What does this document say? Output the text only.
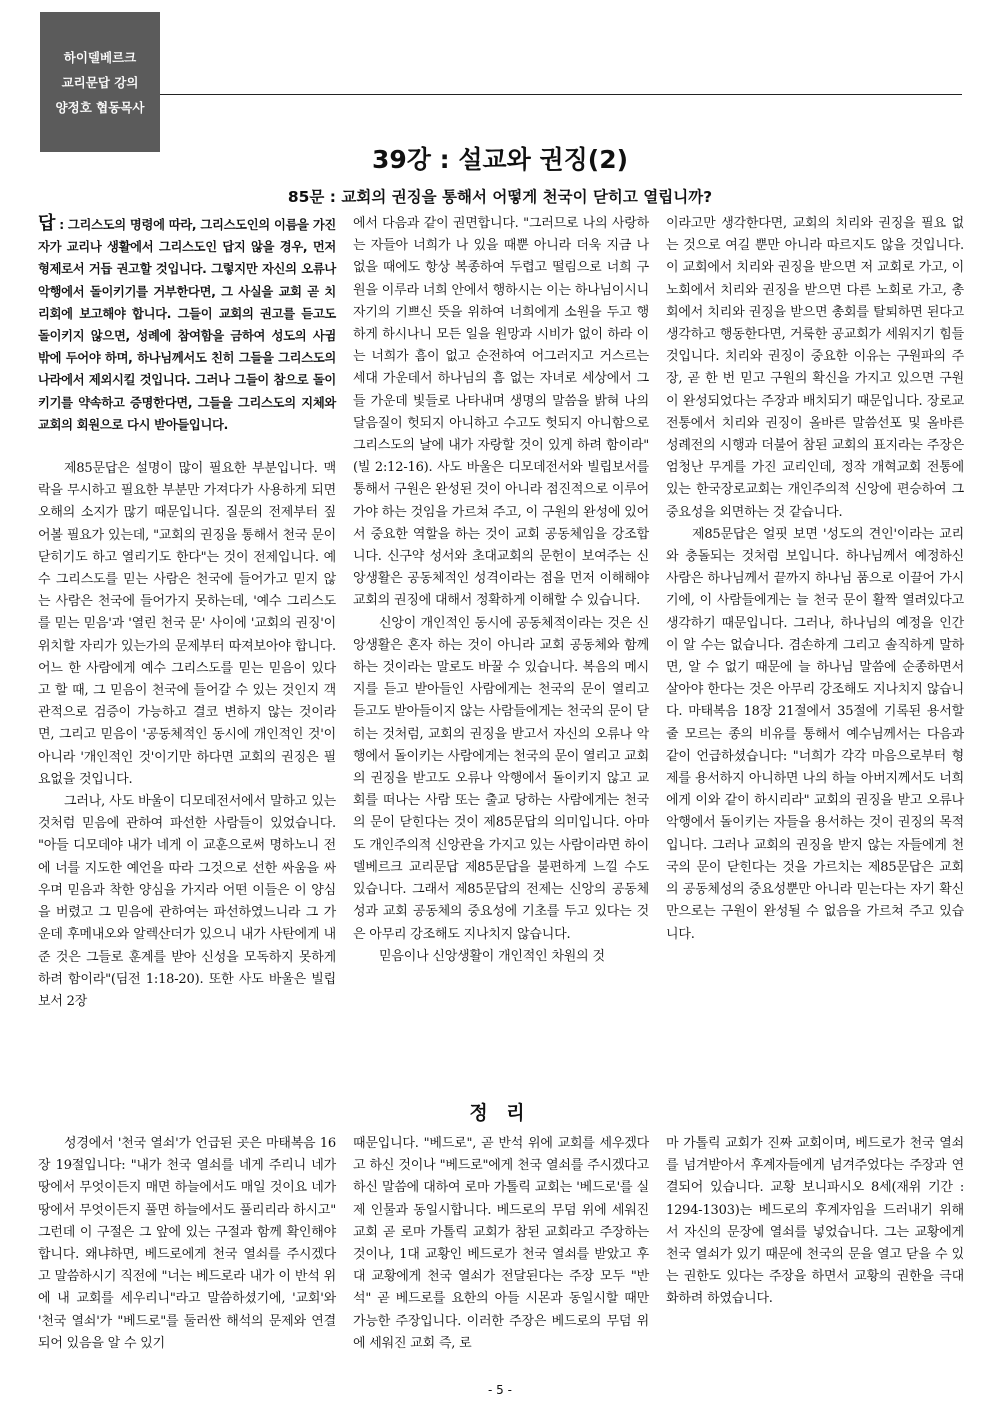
하이델베르크
교리문답 강의
양정호 협동목사
39강 : 설교와 권징(2)
85문 : 교회의 권징을 통해서 어떻게 천국이 닫히고 열립니까?

답 : 그리스도의 명령에 따라, 그리스도인의 이름을 가진 자가 교리나 생활에서 그리스도인 답지 않을 경우, 먼저 형제로서 거듭 권고할 것입니다. 그렇지만 자신의 오류나 악행에서 돌이키기를 거부한다면, 그 사실을 교회 곧 치리회에 보고해야 합니다. 그들이 교회의 권고를 듣고도 돌이키지 않으면, 성례에 참여함을 금하여 성도의 사귐 밖에 두어야 하며, 하나님께서도 친히 그들을 그리스도의 나라에서 제외시킬 것입니다. 그러나 그들이 참으로 돌이키기를 약속하고 증명한다면, 그들을 그리스도의 지체와 교회의 회원으로 다시 받아들입니다.

제85문답은 설명이 많이 필요한 부분입니다. 맥락을 무시하고 필요한 부분만 가져다가 사용하게 되면 오해의 소지가 많기 때문입니다. 질문의 전제부터 짚어볼 필요가 있는데, "교회의 권징을 통해서 천국 문이 닫히기도 하고 열리기도 한다"는 것이 전제입니다. 예수 그리스도를 믿는 사람은 천국에 들어가고 믿지 않는 사람은 천국에 들어가지 못하는데, '예수 그리스도를 믿는 믿음'과 '열린 천국 문' 사이에 '교회의 권징'이 위치할 자리가 있는가의 문제부터 따져보아야 합니다. 어느 한 사람에게 예수 그리스도를 믿는 믿음이 있다고 할 때, 그 믿음이 천국에 들어갈 수 있는 것인지 객관적으로 검증이 가능하고 결코 변하지 않는 것이라면, 그리고 믿음이 '공동체적인 동시에 개인적인 것'이 아니라 '개인적인 것'이기만 하다면 교회의 권징은 필요없을 것입니다.

그러나, 사도 바울이 디모데전서에서 말하고 있는 것처럼 믿음에 관하여 파선한 사람들이 있었습니다. "아들 디모데야 내가 네게 이 교훈으로써 명하노니 전에 너를 지도한 예언을 따라 그것으로 선한 싸움을 싸우며 믿음과 착한 양심을 가지라 어떤 이들은 이 양심을 버렸고 그 믿음에 관하여는 파선하였느니라 그 가운데 후메내오와 알렉산더가 있으니 내가 사탄에게 내준 것은 그들로 훈계를 받아 신성을 모독하지 못하게 하려 함이라"(딤전 1:18-20). 또한 사도 바울은 빌립보서 2장

에서 다음과 같이 권면합니다. "그러므로 나의 사랑하는 자들아 너희가 나 있을 때뿐 아니라 더욱 지금 나 없을 때에도 항상 복종하여 두렵고 떨림으로 너희 구원을 이루라 너희 안에서 행하시는 이는 하나님이시니 자기의 기쁘신 뜻을 위하여 너희에게 소원을 두고 행하게 하시나니 모든 일을 원망과 시비가 없이 하라 이는 너희가 흠이 없고 순전하여 어그러지고 거스르는 세대 가운데서 하나님의 흠 없는 자녀로 세상에서 그들 가운데 빛들로 나타내며 생명의 말씀을 밝혀 나의 달음질이 헛되지 아니하고 수고도 헛되지 아니함으로 그리스도의 날에 내가 자랑할 것이 있게 하려 함이라"(빌 2:12-16). 사도 바울은 디모데전서와 빌립보서를 통해서 구원은 완성된 것이 아니라 점진적으로 이루어가야 하는 것임을 가르쳐 주고, 이 구원의 완성에 있어서 중요한 역할을 하는 것이 교회 공동체임을 강조합니다. 신구약 성서와 초대교회의 문헌이 보여주는 신앙생활은 공동체적인 성격이라는 점을 먼저 이해해야 교회의 권징에 대해서 정확하게 이해할 수 있습니다.

신앙이 개인적인 동시에 공동체적이라는 것은 신앙생활은 혼자 하는 것이 아니라 교회 공동체와 함께하는 것이라는 말로도 바꿀 수 있습니다. 복음의 메시지를 듣고 받아들인 사람에게는 천국의 문이 열리고 듣고도 받아들이지 않는 사람들에게는 천국의 문이 닫히는 것처럼, 교회의 권징을 받고서 자신의 오류나 악행에서 돌이키는 사람에게는 천국의 문이 열리고 교회의 권징을 받고도 오류나 악행에서 돌이키지 않고 교회를 떠나는 사람 또는 출교 당하는 사람에게는 천국의 문이 닫힌다는 것이 제85문답의 의미입니다. 아마도 개인주의적 신앙관을 가지고 있는 사람이라면 하이델베르크 교리문답 제85문답을 불편하게 느낄 수도 있습니다. 그래서 제85문답의 전제는 신앙의 공동체성과 교회 공동체의 중요성에 기초를 두고 있다는 것은 아무리 강조해도 지나치지 않습니다.

믿음이나 신앙생활이 개인적인 차원의 것

이라고만 생각한다면, 교회의 치리와 권징을 필요 없는 것으로 여길 뿐만 아니라 따르지도 않을 것입니다. 이 교회에서 치리와 권징을 받으면 저 교회로 가고, 이 노회에서 치리와 권징을 받으면 다른 노회로 가고, 총회에서 치리와 권징을 받으면 총회를 탈퇴하면 된다고 생각하고 행동한다면, 거룩한 공교회가 세워지기 힘들 것입니다. 치리와 권징이 중요한 이유는 구원파의 주장, 곧 한 번 믿고 구원의 확신을 가지고 있으면 구원이 완성되었다는 주장과 배치되기 때문입니다. 장로교 전통에서 치리와 권징이 올바른 말씀선포 및 올바른 성례전의 시행과 더불어 참된 교회의 표지라는 주장은 엄청난 무게를 가진 교리인데, 정작 개혁교회 전통에 있는 한국장로교회는 개인주의적 신앙에 편승하여 그 중요성을 외면하는 것 같습니다.

제85문답은 얼핏 보면 '성도의 견인'이라는 교리와 충돌되는 것처럼 보입니다. 하나님께서 예정하신 사람은 하나님께서 끝까지 하나님 품으로 이끌어 가시기에, 이 사람들에게는 늘 천국 문이 활짝 열려있다고 생각하기 때문입니다. 그러나, 하나님의 예정을 인간이 알 수는 없습니다. 겸손하게 그리고 솔직하게 말하면, 알 수 없기 때문에 늘 하나님 말씀에 순종하면서 살아야 한다는 것은 아무리 강조해도 지나치지 않습니다. 마태복음 18장 21절에서 35절에 기록된 용서할 줄 모르는 종의 비유를 통해서 예수님께서는 다음과 같이 언급하셨습니다: "너희가 각각 마음으로부터 형제를 용서하지 아니하면 나의 하늘 아버지께서도 너희에게 이와 같이 하시리라" 교회의 권징을 받고 오류나 악행에서 돌이키는 자들을 용서하는 것이 권징의 목적입니다. 그러나 교회의 권징을 받지 않는 자들에게 천국의 문이 닫힌다는 것을 가르치는 제85문답은 교회의 공동체성의 중요성뿐만 아니라 믿는다는 자기 확신만으로는 구원이 완성될 수 없음을 가르쳐 주고 있습니다.

정 리

성경에서 '천국 열쇠'가 언급된 곳은 마태복음 16장 19절입니다: "내가 천국 열쇠를 네게 주리니 네가 땅에서 무엇이든지 매면 하늘에서도 매일 것이요 네가 땅에서 무엇이든지 풀면 하늘에서도 풀리리라 하시고" 그런데 이 구절은 그 앞에 있는 구절과 함께 확인해야 합니다. 왜냐하면, 베드로에게 천국 열쇠를 주시겠다고 말씀하시기 직전에 "너는 베드로라 내가 이 반석 위에 내 교회를 세우리니"라고 말씀하셨기에, '교회'와 '천국 열쇠'가 "베드로"를 둘러싼 해석의 문제와 연결되어 있음을 알 수 있기

때문입니다. "베드로", 곧 반석 위에 교회를 세우겠다고 하신 것이나 "베드로"에게 천국 열쇠를 주시겠다고 하신 말씀에 대하여 로마 가톨릭 교회는 '베드로'를 실제 인물과 동일시합니다. 베드로의 무덤 위에 세워진 교회 곧 로마 가톨릭 교회가 참된 교회라고 주장하는 것이나, 1대 교황인 베드로가 천국 열쇠를 받았고 후대 교황에게 천국 열쇠가 전달된다는 주장 모두 "반석" 곧 베드로를 요한의 아들 시몬과 동일시할 때만 가능한 주장입니다. 이러한 주장은 베드로의 무덤 위에 세워진 교회 즉, 로

마 가톨릭 교회가 진짜 교회이며, 베드로가 천국 열쇠를 넘겨받아서 후계자들에게 넘겨주었다는 주장과 연결되어 있습니다. 교황 보니파시오 8세(재위 기간 : 1294-1303)는 베드로의 후계자임을 드러내기 위해서 자신의 문장에 열쇠를 넣었습니다. 그는 교황에게 천국 열쇠가 있기 때문에 천국의 문을 열고 닫을 수 있는 권한도 있다는 주장을 하면서 교황의 권한을 극대화하려 하였습니다.

- 5 -
